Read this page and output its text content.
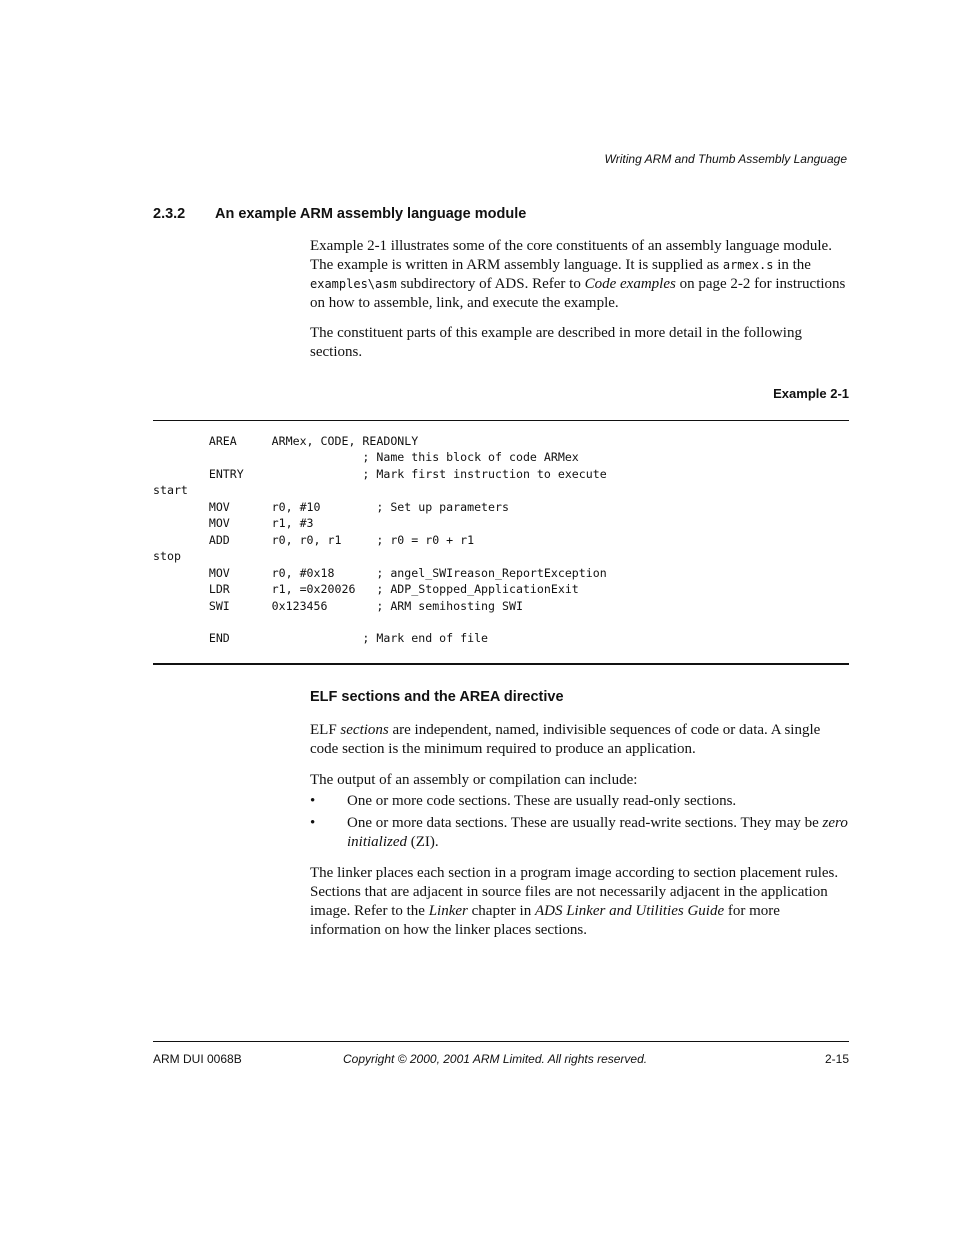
Writing ARM and Thumb Assembly Language
2.3.2 An example ARM assembly language module

Example 2-1 illustrates some of the core constituents of an assembly language module. The example is written in ARM assembly language. It is supplied as armex.s in the examples\asm subdirectory of ADS. Refer to Code examples on page 2-2 for instructions on how to assemble, link, and execute the example.

The constituent parts of this example are described in more detail in the following sections.

Example 2-1
AREA     ARMex, CODE, READONLY
; Name this block of code ARMex
ENTRY                 ; Mark first instruction to execute
start
MOV      r0, #10        ; Set up parameters
MOV      r1, #3
ADD      r0, r0, r1     ; r0 = r0 + r1
stop
MOV      r0, #0x18      ; angel_SWIreason_ReportException
LDR      r1, =0x20026   ; ADP_Stopped_ApplicationExit
SWI      0x123456       ; ARM semihosting SWI

END                   ; Mark end of file
ELF sections and the AREA directive

ELF sections are independent, named, indivisible sequences of code or data. A single code section is the minimum required to produce an application.

The output of an assembly or compilation can include:

• One or more code sections. These are usually read-only sections.
• One or more data sections. These are usually read-write sections. They may be zero initialized (ZI).

The linker places each section in a program image according to section placement rules. Sections that are adjacent in source files are not necessarily adjacent in the application image. Refer to the Linker chapter in ADS Linker and Utilities Guide for more information on how the linker places sections.

ARM DUI 0068B	Copyright © 2000, 2001 ARM Limited. All rights reserved.	2-15
